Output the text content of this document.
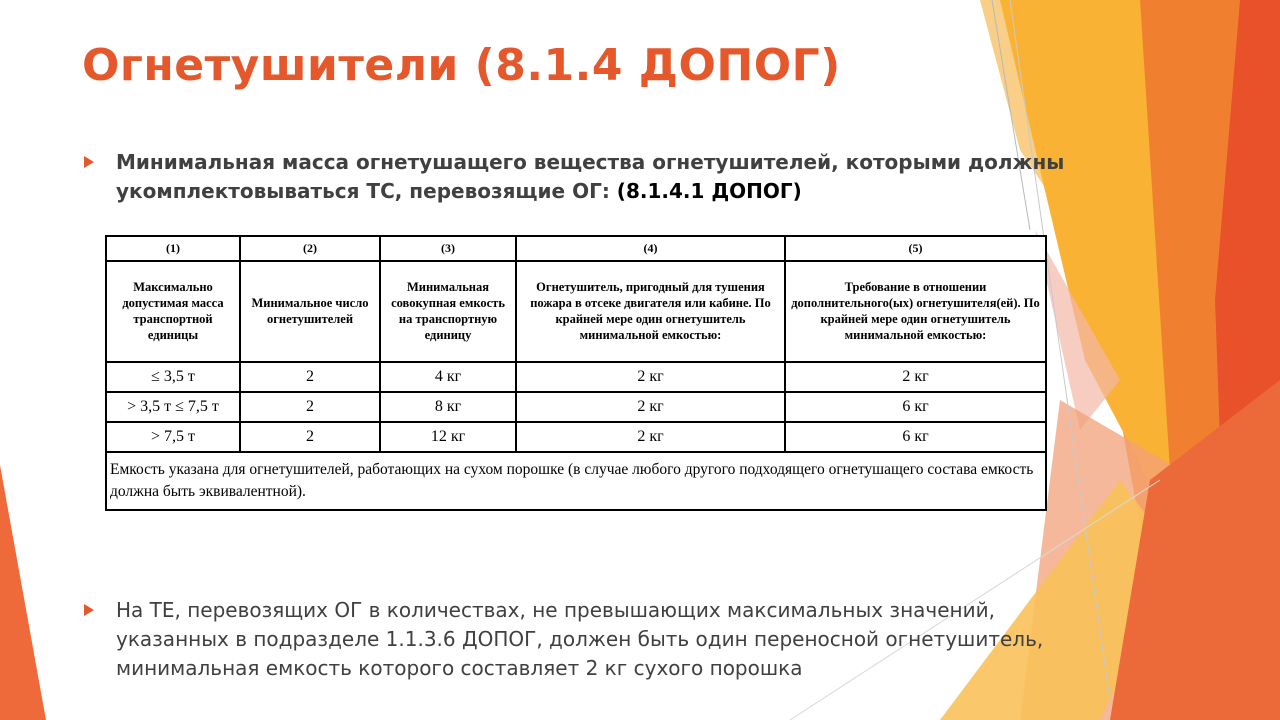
Огнетушители (8.1.4 ДОПОГ)
Минимальная масса огнетушащего вещества огнетушителей, которыми должны укомплектовываться ТС, перевозящие ОГ: (8.1.4.1 ДОПОГ)
(1)	(2)	(3)	(4)	(5)
Максимально допустимая масса транспортной единицы	Минимальное число огнетушителей	Минимальная совокупная емкость на транспортную единицу	Огнетушитель, пригодный для тушения пожара в отсеке двигателя или кабине. По крайней мере один огнетушитель минимальной емкостью:	Требование в отношении дополнительного(ых) огнетушителя(ей). По крайней мере один огнетушитель минимальной емкостью:
≤ 3,5 т	2	4 кг	2 кг	2 кг
> 3,5 т ≤ 7,5 т	2	8 кг	2 кг	6 кг
> 7,5 т	2	12 кг	2 кг	6 кг
Емкость указана для огнетушителей, работающих на сухом порошке (в случае любого другого подходящего огнетушащего состава емкость должна быть эквивалентной).				
На ТЕ, перевозящих ОГ в количествах, не превышающих максимальных значений, указанных в подразделе 1.1.3.6 ДОПОГ, должен быть один переносной огнетушитель, минимальная емкость которого составляет 2 кг сухого порошка
